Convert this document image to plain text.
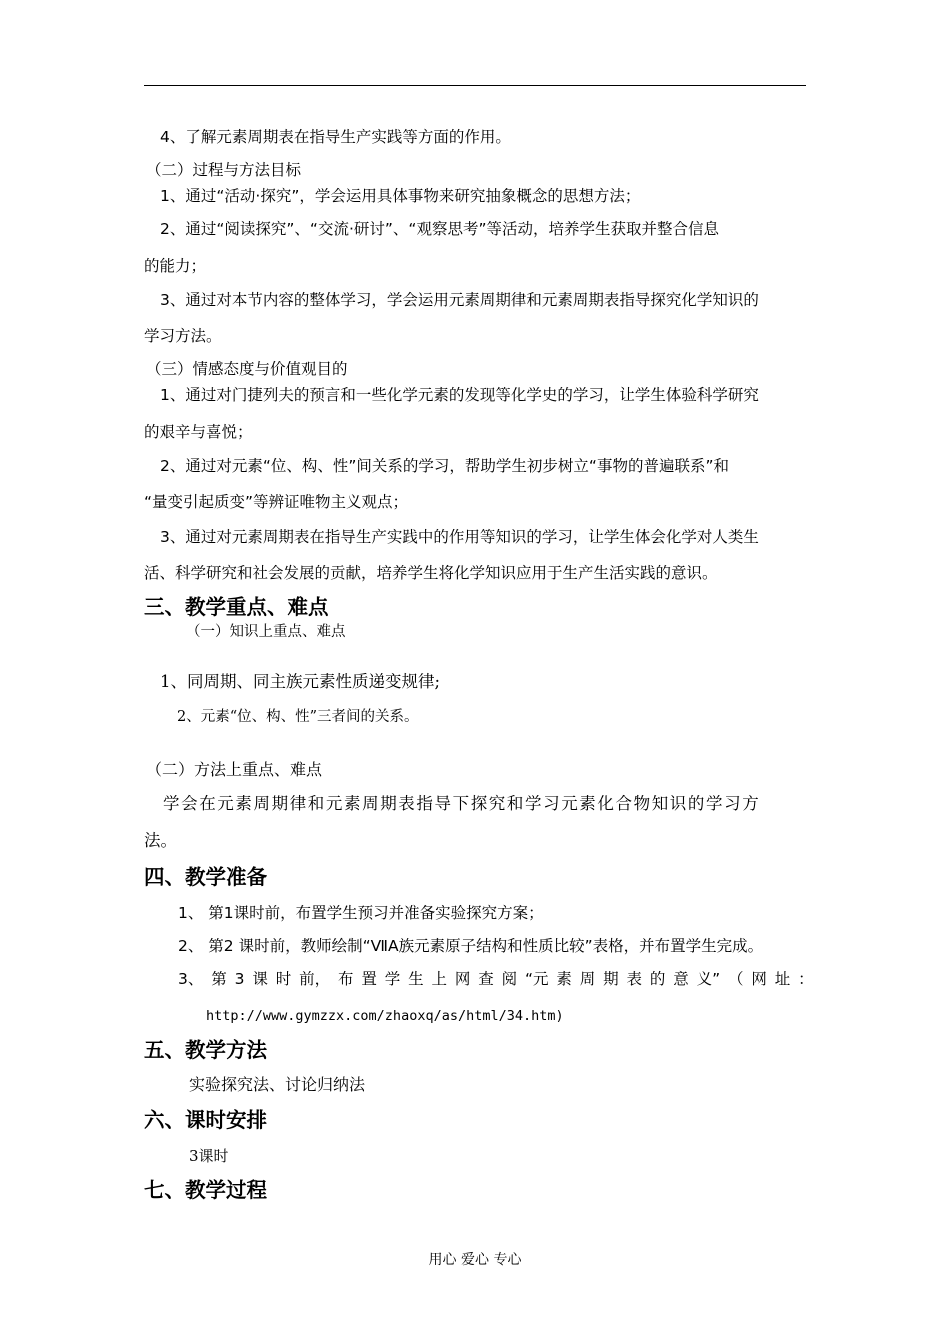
4、了解元素周期表在指导生产实践等方面的作用。
（二）过程与方法目标
1、通过“活动·探究”，学会运用具体事物来研究抽象概念的思想方法；
2、通过“阅读探究”、“交流·研讨”、“观察思考”等活动，培养学生获取并整合信息
的能力；
3、通过对本节内容的整体学习，学会运用元素周期律和元素周期表指导探究化学知识的
学习方法。
（三）情感态度与价值观目的
1、通过对门捷列夫的预言和一些化学元素的发现等化学史的学习，让学生体验科学研究
的艰辛与喜悦；
2、通过对元素“位、构、性”间关系的学习，帮助学生初步树立“事物的普遍联系”和
“量变引起质变”等辨证唯物主义观点；
3、通过对元素周期表在指导生产实践中的作用等知识的学习，让学生体会化学对人类生
活、科学研究和社会发展的贡献，培养学生将化学知识应用于生产生活实践的意识。
三、教学重点、难点
（一）知识上重点、难点
1、同周期、同主族元素性质递变规律;
2、元素“位、构、性”三者间的关系。
（二）方法上重点、难点
学会在元素周期律和元素周期表指导下探究和学习元素化合物知识的学习方
法。
四、教学准备
1、 第1课时前，布置学生预习并准备实验探究方案；
2、 第2 课时前，教师绘制“ⅦA族元素原子结构和性质比较”表格，并布置学生完成。
3、 第 3 课 时 前， 布 置 学 生 上 网 查 阅 “元 素 周 期 表 的 意 义” （ 网 址 ：
http://www.gymzzx.com/zhaoxq/as/html/34.htm)
五、教学方法
实验探究法、讨论归纳法
六、课时安排
3课时
七、教学过程
用心 爱心 专心
